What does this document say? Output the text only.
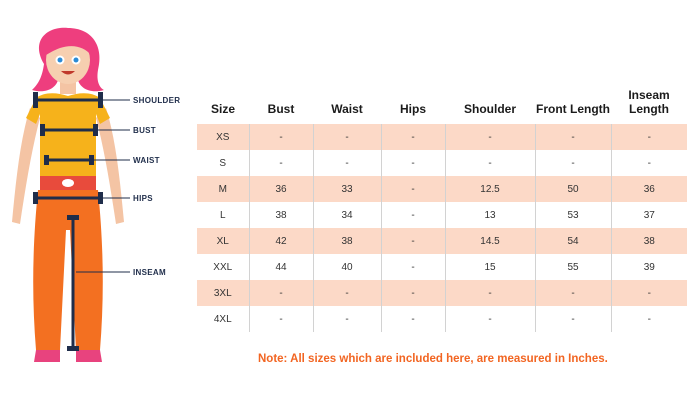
SHOULDER
BUST
WAIST
HIPS
INSEAM
Size	Bust	Waist	Hips	Shoulder	Front Length	Inseam Length
XS	-	-	-	-	-	-
S	-	-	-	-	-	-
M	36	33	-	12.5	50	36
L	38	34	-	13	53	37
XL	42	38	-	14.5	54	38
XXL	44	40	-	15	55	39
3XL	-	-	-	-	-	-
4XL	-	-	-	-	-	-
Note: All sizes which are included here, are measured in Inches.
